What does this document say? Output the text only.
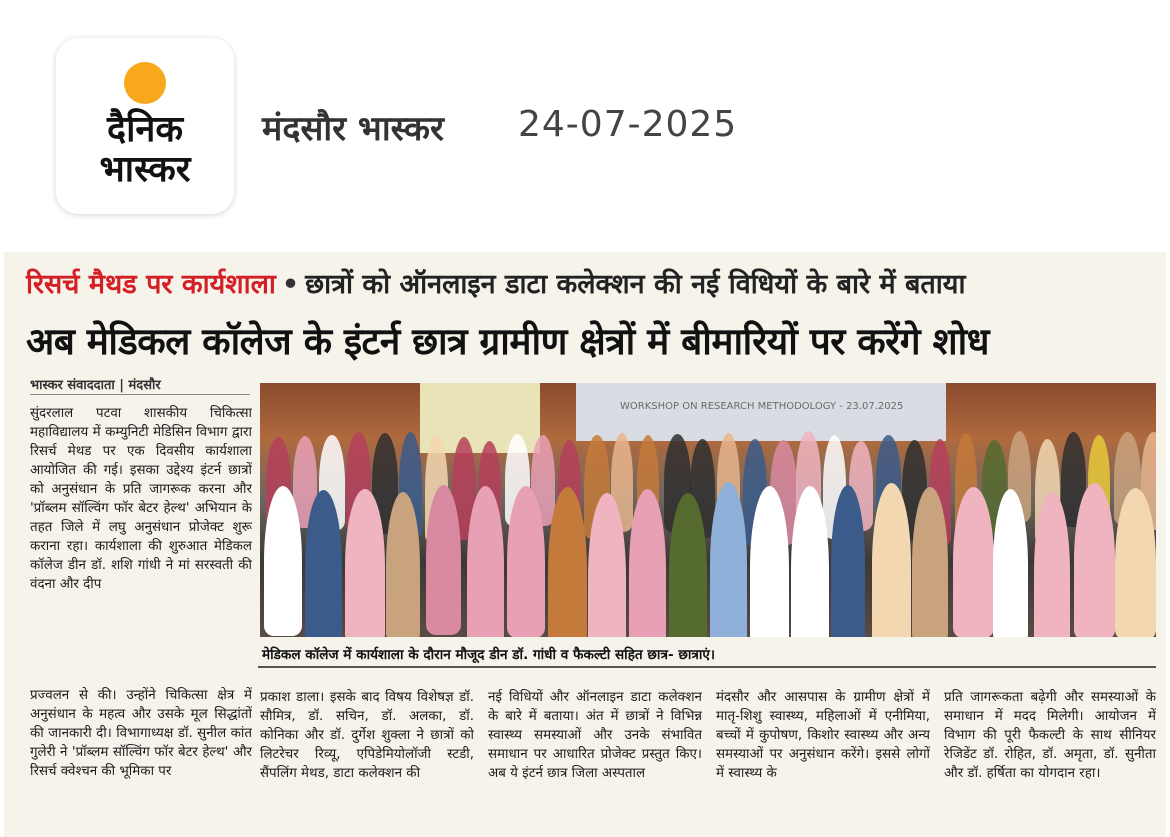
दैनिक
भास्कर
मंदसौर भास्कर 24-07-2025
रिसर्च मैथड पर कार्यशाला • छात्रों को ऑनलाइन डाटा कलेक्शन की नई विधियों के बारे में बताया
अब मेडिकल कॉलेज के इंटर्न छात्र ग्रामीण क्षेत्रों में बीमारियों पर करेंगे शोध
भास्कर संवाददाता | मंदसौर
सुंदरलाल पटवा शासकीय चिकित्सा महाविद्यालय में कम्युनिटी मेडिसिन विभाग द्वारा रिसर्च मेथड पर एक दिवसीय कार्यशाला आयोजित की गई। इसका उद्देश्य इंटर्न छात्रों को अनुसंधान के प्रति जागरूक करना और 'प्रॉब्लम सॉल्विंग फॉर बेटर हेल्थ' अभियान के तहत जिले में लघु अनुसंधान प्रोजेक्ट शुरू कराना रहा। कार्यशाला की शुरुआत मेडिकल कॉलेज डीन डॉ. शशि गांधी ने मां सरस्वती की वंदना और दीप
प्रज्वलन से की। उन्होंने चिकित्सा क्षेत्र में अनुसंधान के महत्व और उसके मूल सिद्धांतों की जानकारी दी। विभागाध्यक्ष डॉ. सुनील कांत गुलेरी ने 'प्रॉब्लम सॉल्विंग फॉर बेटर हेल्थ' और रिसर्च क्वेश्चन की भूमिका पर
WORKSHOP ON RESEARCH METHODOLOGY - 23.07.2025
मेडिकल कॉलेज में कार्यशाला के दौरान मौजूद डीन डॉ. गांधी व फैकल्टी सहित छात्र- छात्राएं।
प्रकाश डाला। इसके बाद विषय विशेषज्ञ डॉ. सौमित्र, डॉ. सचिन, डॉ. अलका, डॉ. कोनिका और डॉ. दुर्गेश शुक्ला ने छात्रों को लिटरेचर रिव्यू, एपिडेमियोलॉजी स्टडी, सैंपलिंग मेथड, डाटा कलेक्शन की
नई विधियों और ऑनलाइन डाटा कलेक्शन के बारे में बताया। अंत में छात्रों ने विभिन्न स्वास्थ्य समस्याओं और उनके संभावित समाधान पर आधारित प्रोजेक्ट प्रस्तुत किए। अब ये इंटर्न छात्र जिला अस्पताल
मंदसौर और आसपास के ग्रामीण क्षेत्रों में मातृ-शिशु स्वास्थ्य, महिलाओं में एनीमिया, बच्चों में कुपोषण, किशोर स्वास्थ्य और अन्य समस्याओं पर अनुसंधान करेंगे। इससे लोगों में स्वास्थ्य के
प्रति जागरूकता बढ़ेगी और समस्याओं के समाधान में मदद मिलेगी। आयोजन में विभाग की पूरी फैकल्टी के साथ सीनियर रेजिडेंट डॉ. रोहित, डॉ. अमृता, डॉ. सुनीता और डॉ. हर्षिता का योगदान रहा।
